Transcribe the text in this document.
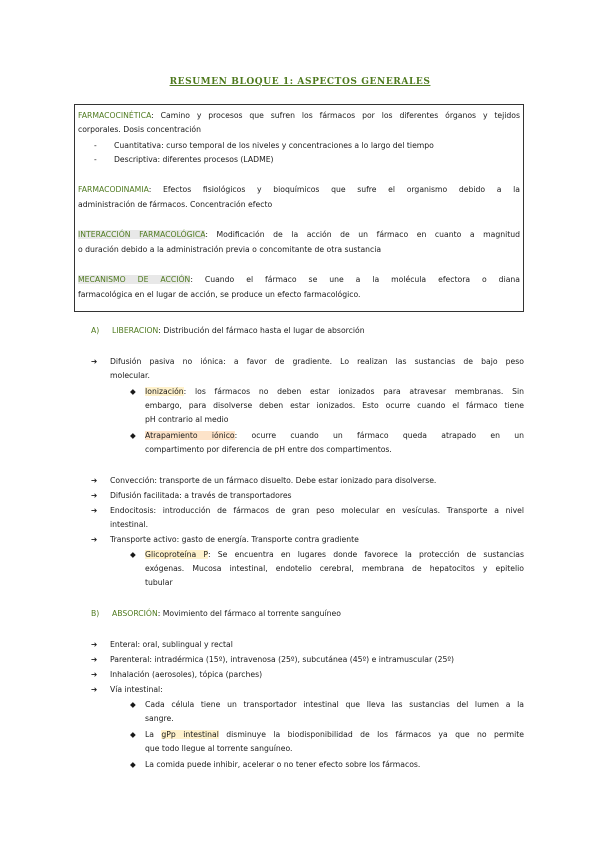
RESUMEN BLOQUE 1: ASPECTOS GENERALES
FARMACOCINÉTICA: Camino y procesos que sufren los fármacos por los diferentes órganos y tejidos
corporales. Dosis concentración
- Cuantitativa: curso temporal de los niveles y concentraciones a lo largo del tiempo
- Descriptiva: diferentes procesos (LADME)
FARMACODINAMIA: Efectos fisiológicos y bioquímicos que sufre el organismo debido a la
administración de fármacos. Concentración efecto
INTERACCIÓN FARMACOLÓGICA: Modificación de la acción de un fármaco en cuanto a magnitud
o duración debido a la administración previa o concomitante de otra sustancia
MECANISMO DE ACCIÓN: Cuando el fármaco se une a la molécula efectora o diana
farmacológica en el lugar de acción, se produce un efecto farmacológico.
A) LIBERACION: Distribución del fármaco hasta el lugar de absorción
➔ Difusión pasiva no iónica: a favor de gradiente. Lo realizan las sustancias de bajo peso
molecular.
◆ Ionización: los fármacos no deben estar ionizados para atravesar membranas. Sin
embargo, para disolverse deben estar ionizados. Esto ocurre cuando el fármaco tiene
pH contrario al medio
◆ Atrapamiento iónico: ocurre cuando un fármaco queda atrapado en un
compartimento por diferencia de pH entre dos compartimentos.
➔ Convección: transporte de un fármaco disuelto. Debe estar ionizado para disolverse.
➔ Difusión facilitada: a través de transportadores
➔ Endocitosis: introducción de fármacos de gran peso molecular en vesículas. Transporte a nivel
intestinal.
➔ Transporte activo: gasto de energía. Transporte contra gradiente
◆ Glicoproteína P: Se encuentra en lugares donde favorece la protección de sustancias
exógenas. Mucosa intestinal, endotelio cerebral, membrana de hepatocitos y epitelio
tubular
B) ABSORCIÓN: Movimiento del fármaco al torrente sanguíneo
➔ Enteral: oral, sublingual y rectal
➔ Parenteral: intradérmica (15º), intravenosa (25º), subcutánea (45º) e intramuscular (25º)
➔ Inhalación (aerosoles), tópica (parches)
➔ Vía intestinal:
◆ Cada célula tiene un transportador intestinal que lleva las sustancias del lumen a la
sangre.
◆ La gPp intestinal disminuye la biodisponibilidad de los fármacos ya que no permite
que todo llegue al torrente sanguíneo.
◆ La comida puede inhibir, acelerar o no tener efecto sobre los fármacos.
